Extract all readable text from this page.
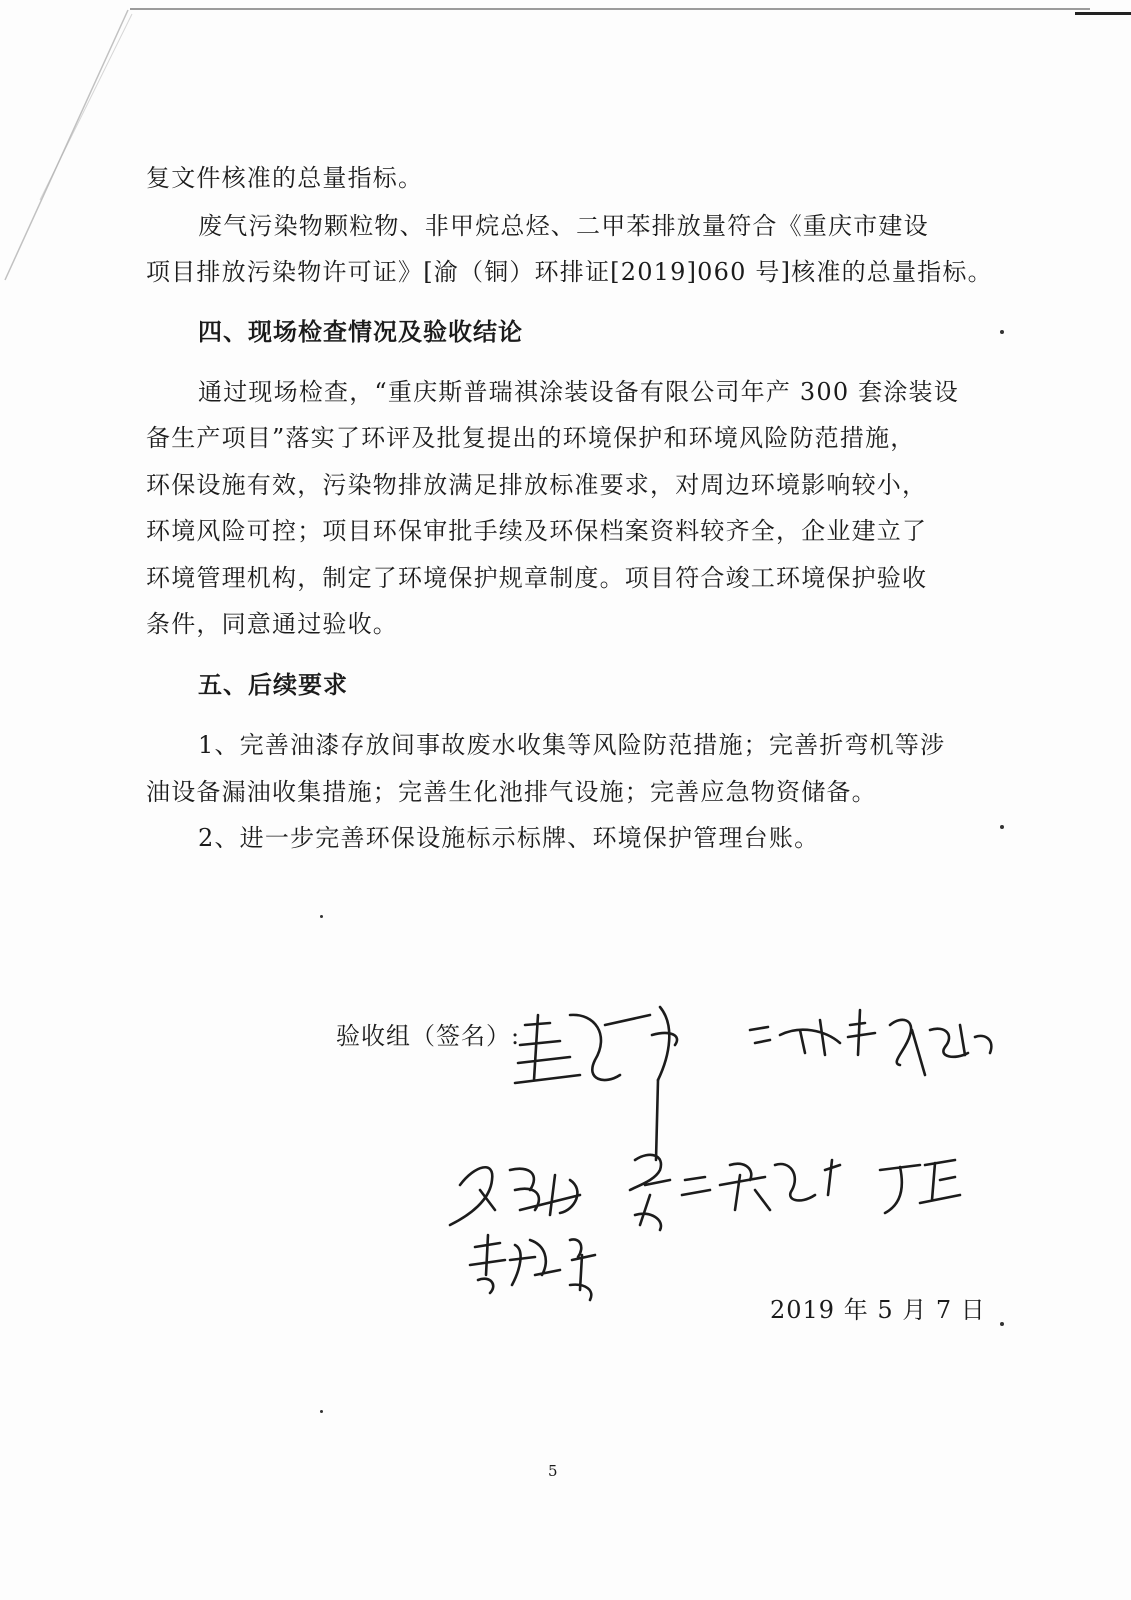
复文件核准的总量指标。
废气污染物颗粒物、非甲烷总烃、二甲苯排放量符合《重庆市建设
项目排放污染物许可证》[渝（铜）环排证[2019]060 号]核准的总量指标。
四、现场检查情况及验收结论
通过现场检查，“重庆斯普瑞祺涂装设备有限公司年产 300 套涂装设
备生产项目”落实了环评及批复提出的环境保护和环境风险防范措施，
环保设施有效，污染物排放满足排放标准要求，对周边环境影响较小，
环境风险可控；项目环保审批手续及环保档案资料较齐全，企业建立了
环境管理机构，制定了环境保护规章制度。项目符合竣工环境保护验收
条件，同意通过验收。
五、后续要求
1、完善油漆存放间事故废水收集等风险防范措施；完善折弯机等涉
油设备漏油收集措施；完善生化池排气设施；完善应急物资储备。
2、进一步完善环保设施标示标牌、环境保护管理台账。
验收组（签名）:
2019 年 5 月 7 日
5
